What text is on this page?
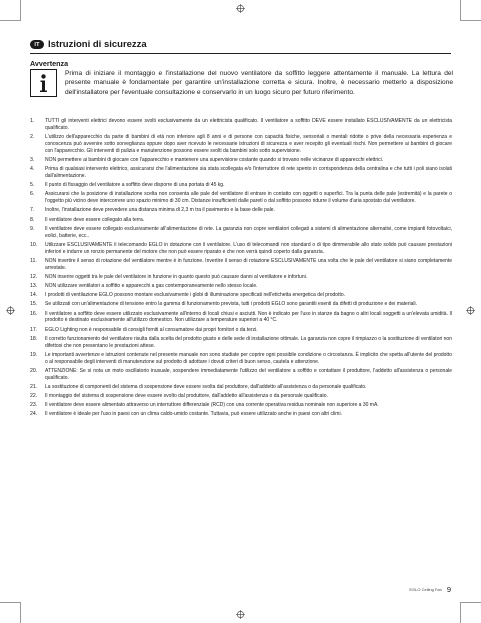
IT Istruzioni di sicurezza
Avvertenza
Prima di iniziare il montaggio e l'installazione del nuovo ventilatore da soffitto leggere attentamente il manuale. La lettura del presente manuale è fondamentale per garantire un'installazione corretta e sicura. Inoltre, è necessario metterlo a disposizione dell'installatore per l'eventuale consultazione e conservarlo in un luogo sicuro per futuro riferimento.
1.	TUTTI gli interventi elettrici devono essere svolti esclusivamente da un elettricista qualificato. Il ventilatore a soffitto DEVE essere installato ESCLUSIVAMENTE da un elettricista qualificato.
2.	L'utilizzo dell'apparecchio da parte di bambini di età non inferiore agli 8 anni e di persone con capacità fisiche, sensoriali o mentali ridotte o prive della necessaria esperienza e conoscenza può avvenire sotto sorveglianza oppure dopo aver ricevuto le necessarie istruzioni di sicurezza e aver recepito gli eventuali rischi. Non permettere ai bambini di giocare con l'apparecchio. Gli interventi di pulizia e manutenzione possono essere svolti da bambini solo sotto supervisione.
3.	NON permettere ai bambini di giocare con l'apparecchio e mantenere una supervisione costante quando si trovano nelle vicinanze di apparecchi elettrici.
4.	Prima di qualsiasi intervento elettrico, assicurarsi che l'alimentazione sia stata scollegata e/o l'interruttore di rete spento in corrispondenza della centralina e che tutti i poli siano isolati dall'alimentazione.
5.	Il punto di fissaggio del ventilatore a soffitto deve disporre di una portata di 45 kg.
6.	Assicurarsi che la posizione di installazione scelta non consenta alle pale del ventilatore di entrare in contatto con oggetti o superfici. Tra la punta delle pale (estremità) e la parete o l'oggetto più vicino deve intercorrere uno spazio minimo di 30 cm. Distanze insufficienti dalle pareti o dal soffitto possono ridurre il volume d'aria spostato dal ventilatore.
7.	Inoltre, l'installazione deve prevedere una distanza minima di 2,3 m tra il pavimento e la base delle pale.
8.	Il ventilatore deve essere collegato alla terra.
9.	Il ventilatore deve essere collegato esclusivamente all'alimentazione di rete. La garanzia non copre ventilatori collegati a sistemi di alimentazione alternativi, come impianti fotovoltaici, eolici, batterie, ecc..
10.	Utilizzare ESCLUSIVAMENTE il telecomando EGLO in dotazione con il ventilatore. L'uso di telecomandi non standard o di tipo dimmerabile allo stato solido può causare prestazioni inferiori e indurre un ronzio permanente del motore che non può essere riparato e che non verrà quindi coperto dalla garanzia.
11.	NON invertire il senso di rotazione del ventilatore mentre è in funzione. Invertire il senso di rotazione ESCLUSIVAMENTE una volta che le pale del ventilatore si siano completamente arrestate.
12.	NON inserire oggetti tra le pale del ventilatore in funzione in quanto questo può causare danni al ventilatore e infortuni.
13.	NON utilizzare ventilatori a soffitto e apparecchi a gas contemporaneamente nello stesso locale.
14.	I prodotti di ventilazione EGLO possono montare esclusivamente i globi di illuminazione specificati nell'etichetta energetica del prodotto.
15.	Se utilizzati con un'alimentazione di tensione entro la gamma di funzionamento prevista, tutti i prodotti EGLO sono garantiti esenti da difetti di produzione e dei materiali.
16.	Il ventilatore a soffitto deve essere utilizzato esclusivamente all'interno di locali chiusi e asciutti. Non è indicato per l'uso in stanze da bagno o altri locali soggetti a un'elevata umidità. Il prodotto è destinato esclusivamente all'utilizzo domestico. Non utilizzare a temperature superiori a 40 °C.
17.	EGLO Lighting non è responsabile di consigli forniti al consumatore dai propri fornitori o da terzi.
18.	Il corretto funzionamento del ventilatore risulta dalla scelta del prodotto giusto e delle sede di installazione ottimale. La garanzia non copre il rimpiazzo o la sostituzione di ventilatori non difettosi che non presentano le prestazioni attese.
19.	Le importanti avvertenze e istruzioni contenute nel presente manuale non sono studiate per coprire ogni possibile condizione o circostanza. È implicito che spetta all'utente del prodotto o al responsabile degli interventi di manutenzione sul prodotto di adottare i dovuti criteri di buon senso, cautela e attenzione.
20.	ATTENZIONE: Se si nota un moto oscillatorio inusuale, sospendere immediatamente l'utilizzo del ventilatore a soffitto e contattare il produttore, l'addetto all'assistenza o personale qualificato.
21.	La sostituzione di componenti del sistema di sospensione deve essere svolta dal produttore, dall'addetto all'assistenza o da personale qualificato.
22.	Il montaggio del sistema di sospensione deve essere svolto dal produttore, dall'addetto all'assistenza o da personale qualificato.
23.	Il ventilatore deve essere alimentato attraverso un interruttore differenziale (RCD) con una corrente operativa residua nominale non superiore a 30 mA.
24.	Il ventilatore è ideale per l'uso in paesi con un clima caldo-umido costante. Tuttavia, può essere utilizzato anche in paesi con altri climi.
EGLO Ceiling Fan 9
